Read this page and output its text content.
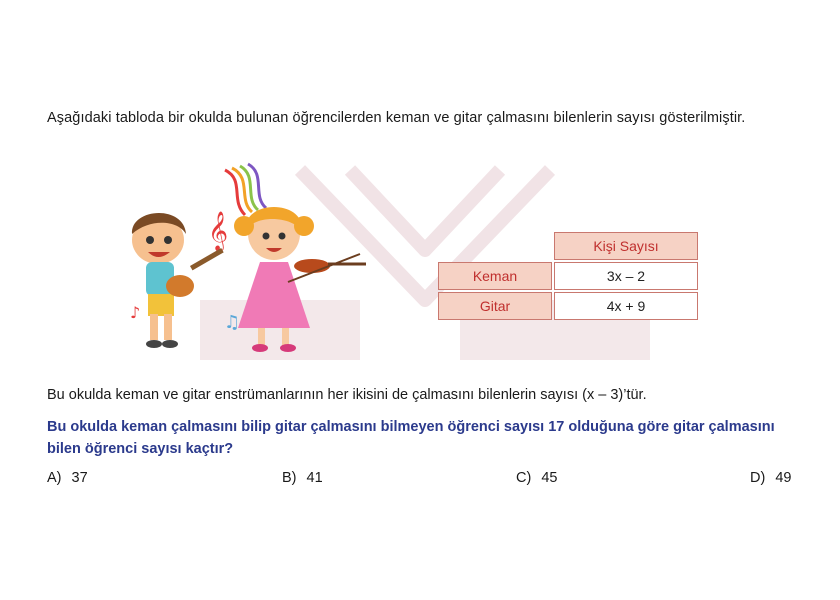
Aşağıdaki tabloda bir okulda bulunan öğrencilerden keman ve gitar çalmasını bilenlerin sayısı gösterilmiştir.
𝄞
♪	♫
	Kişi Sayısı
Keman	3x – 2
Gitar	4x + 9
Bu okulda keman ve gitar enstrümanlarının her ikisini de çalmasını bilenlerin sayısı (x – 3)’tür.
Bu okulda keman çalmasını bilip gitar çalmasını bilmeyen öğrenci sayısı 17 olduğuna göre gitar çalmasını bilen öğrenci sayısı kaçtır?
A) 37	B) 41	C) 45	D) 49
